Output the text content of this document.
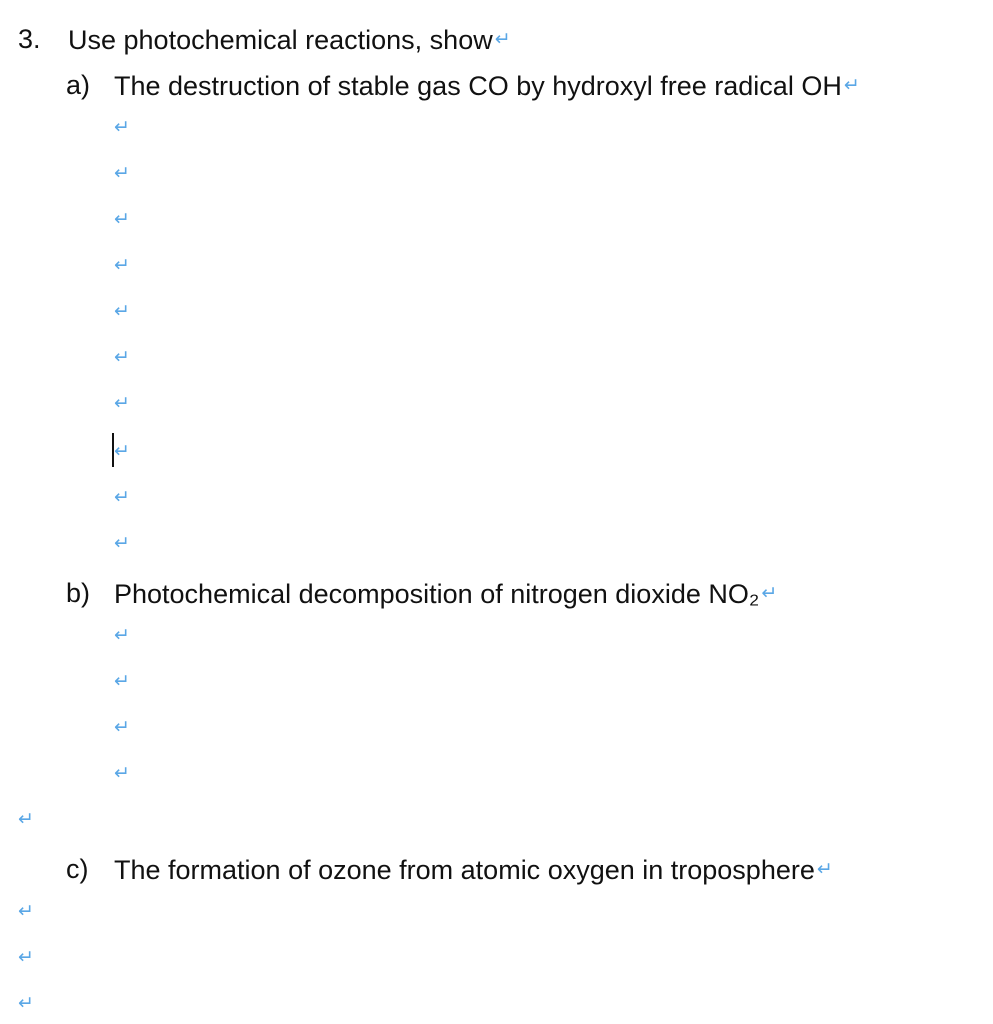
3. Use photochemical reactions, show ↵
a) The destruction of stable gas CO by hydroxyl free radical OH ↵
↵
↵
↵
↵
↵
↵
↵
↵
↵
↵
b) Photochemical decomposition of nitrogen dioxide NO₂ ↵
↵
↵
↵
↵
↵
c) The formation of ozone from atomic oxygen in troposphere ↵
↵
↵
↵
